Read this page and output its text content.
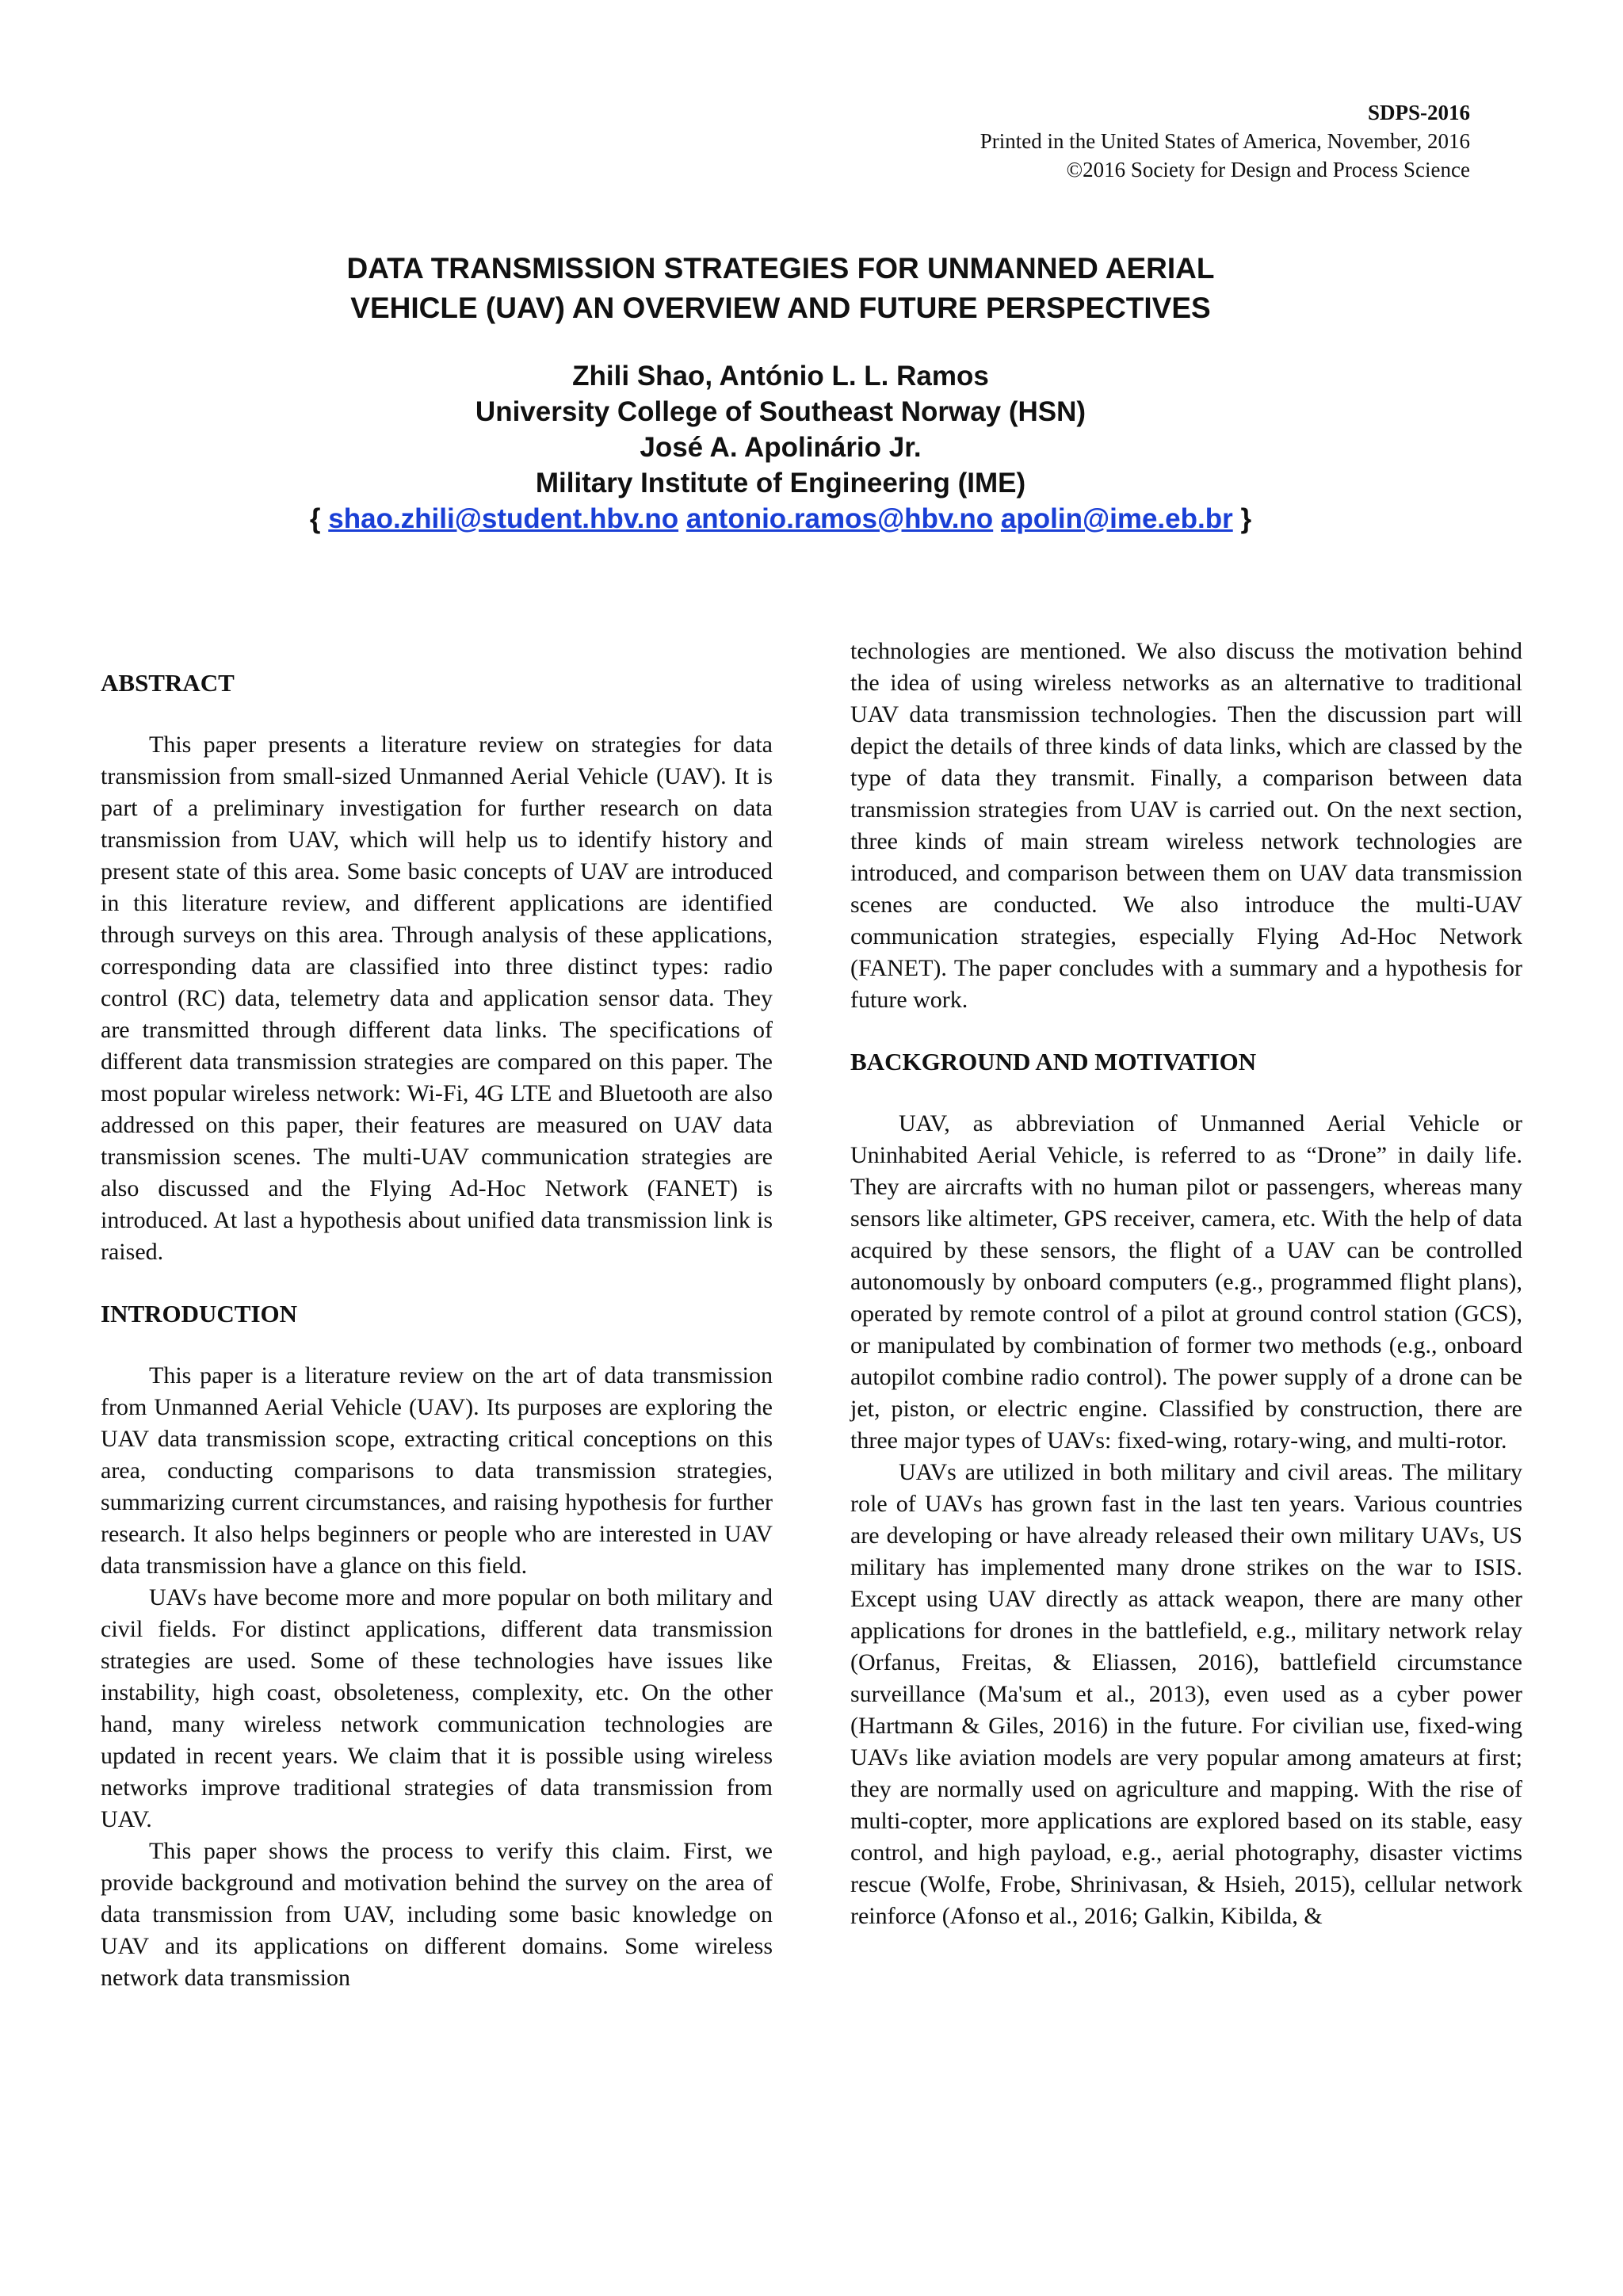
SDPS-2016
Printed in the United States of America, November, 2016
©2016 Society for Design and Process Science
DATA TRANSMISSION STRATEGIES FOR UNMANNED AERIAL
VEHICLE (UAV) AN OVERVIEW AND FUTURE PERSPECTIVES
Zhili Shao, António L. L. Ramos
University College of Southeast Norway (HSN)
José A. Apolinário Jr.
Military Institute of Engineering (IME)
{ shao.zhili@student.hbv.no antonio.ramos@hbv.no apolin@ime.eb.br }
ABSTRACT

This paper presents a literature review on strategies for data transmission from small-sized Unmanned Aerial Vehicle (UAV). It is part of a preliminary investigation for further research on data transmission from UAV, which will help us to identify history and present state of this area. Some basic concepts of UAV are introduced in this literature review, and different applications are identified through surveys on this area. Through analysis of these applications, corresponding data are classified into three distinct types: radio control (RC) data, telemetry data and application sensor data. They are transmitted through different data links. The specifications of different data transmission strategies are compared on this paper. The most popular wireless network: Wi-Fi, 4G LTE and Bluetooth are also addressed on this paper, their features are measured on UAV data transmission scenes. The multi-UAV communication strategies are also discussed and the Flying Ad-Hoc Network (FANET) is introduced. At last a hypothesis about unified data transmission link is raised.

INTRODUCTION

This paper is a literature review on the art of data transmission from Unmanned Aerial Vehicle (UAV). Its purposes are exploring the UAV data transmission scope, extracting critical conceptions on this area, conducting comparisons to data transmission strategies, summarizing current circumstances, and raising hypothesis for further research. It also helps beginners or people who are interested in UAV data transmission have a glance on this field.

UAVs have become more and more popular on both military and civil fields. For distinct applications, different data transmission strategies are used. Some of these technologies have issues like instability, high coast, obsoleteness, complexity, etc. On the other hand, many wireless network communication technologies are updated in recent years. We claim that it is possible using wireless networks improve traditional strategies of data transmission from UAV.

This paper shows the process to verify this claim. First, we provide background and motivation behind the survey on the area of data transmission from UAV, including some basic knowledge on UAV and its applications on different domains. Some wireless network data transmission

technologies are mentioned. We also discuss the motivation behind the idea of using wireless networks as an alternative to traditional UAV data transmission technologies. Then the discussion part will depict the details of three kinds of data links, which are classed by the type of data they transmit. Finally, a comparison between data transmission strategies from UAV is carried out. On the next section, three kinds of main stream wireless network technologies are introduced, and comparison between them on UAV data transmission scenes are conducted. We also introduce the multi-UAV communication strategies, especially Flying Ad-Hoc Network (FANET). The paper concludes with a summary and a hypothesis for future work.

BACKGROUND AND MOTIVATION

UAV, as abbreviation of Unmanned Aerial Vehicle or Uninhabited Aerial Vehicle, is referred to as “Drone” in daily life. They are aircrafts with no human pilot or passengers, whereas many sensors like altimeter, GPS receiver, camera, etc. With the help of data acquired by these sensors, the flight of a UAV can be controlled autonomously by onboard computers (e.g., programmed flight plans), operated by remote control of a pilot at ground control station (GCS), or manipulated by combination of former two methods (e.g., onboard autopilot combine radio control). The power supply of a drone can be jet, piston, or electric engine. Classified by construction, there are three major types of UAVs: fixed-wing, rotary-wing, and multi-rotor.

UAVs are utilized in both military and civil areas. The military role of UAVs has grown fast in the last ten years. Various countries are developing or have already released their own military UAVs, US military has implemented many drone strikes on the war to ISIS. Except using UAV directly as attack weapon, there are many other applications for drones in the battlefield, e.g., military network relay (Orfanus, Freitas, & Eliassen, 2016), battlefield circumstance surveillance (Ma'sum et al., 2013), even used as a cyber power (Hartmann & Giles, 2016) in the future. For civilian use, fixed-wing UAVs like aviation models are very popular among amateurs at first; they are normally used on agriculture and mapping. With the rise of multi-copter, more applications are explored based on its stable, easy control, and high payload, e.g., aerial photography, disaster victims rescue (Wolfe, Frobe, Shrinivasan, & Hsieh, 2015), cellular network reinforce (Afonso et al., 2016; Galkin, Kibilda, &
